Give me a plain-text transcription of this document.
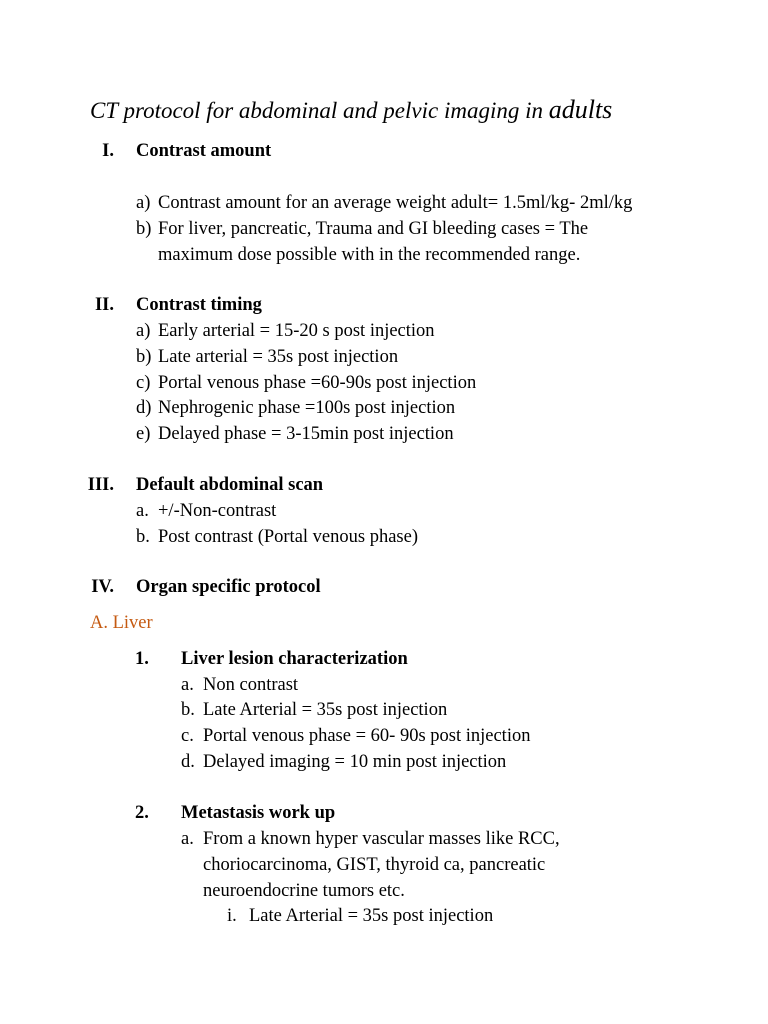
CT protocol for abdominal and pelvic imaging in adults
I. Contrast amount
a) Contrast amount for an average weight adult= 1.5ml/kg- 2ml/kg
b) For liver, pancreatic, Trauma and GI bleeding cases = The
maximum dose possible with in the recommended range.
II. Contrast timing
a) Early arterial = 15-20 s post injection
b) Late arterial = 35s post injection
c) Portal venous phase =60-90s post injection
d) Nephrogenic phase =100s post injection
e) Delayed phase = 3-15min post injection
III. Default abdominal scan
a. +/-Non-contrast
b. Post contrast (Portal venous phase)
IV. Organ specific protocol
A. Liver
1. Liver lesion characterization
a. Non contrast
b. Late Arterial = 35s post injection
c. Portal venous phase = 60- 90s post injection
d. Delayed imaging = 10 min post injection
2. Metastasis work up
a. From a known hyper vascular masses like RCC,
choriocarcinoma, GIST, thyroid ca, pancreatic
neuroendocrine tumors etc.
i. Late Arterial = 35s post injection
